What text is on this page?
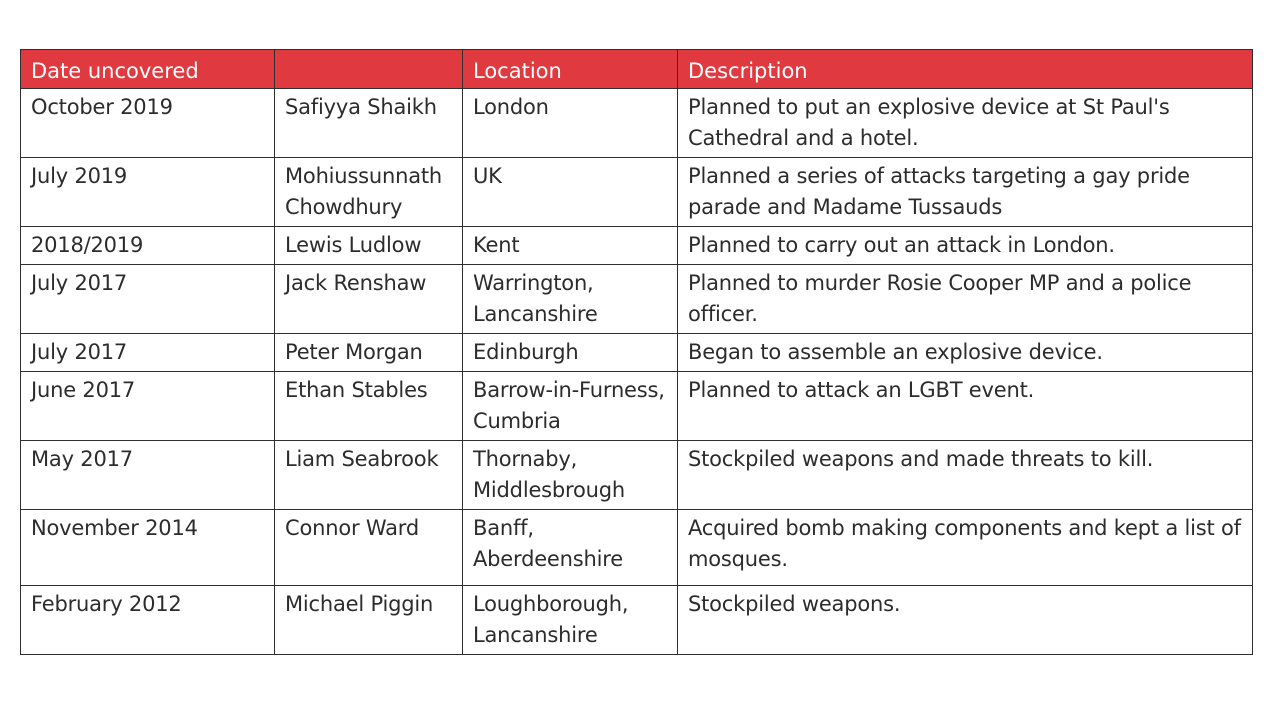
Date uncovered		Location	Description
October 2019	Safiyya Shaikh	London	Planned to put an explosive device at St Paul's Cathedral and a hotel.
July 2019	Mohiussunnath Chowdhury	UK	Planned a series of attacks targeting a gay pride parade and Madame Tussauds
2018/2019	Lewis Ludlow	Kent	Planned to carry out an attack in London.
July 2017	Jack Renshaw	Warrington, Lancanshire	Planned to murder Rosie Cooper MP and a police officer.
July 2017	Peter Morgan	Edinburgh	Began to assemble an explosive device.
June 2017	Ethan Stables	Barrow-in-Furness, Cumbria	Planned to attack an LGBT event.
May 2017	Liam Seabrook	Thornaby, Middlesbrough	Stockpiled weapons and made threats to kill.
November 2014	Connor Ward	Banff, Aberdeenshire	Acquired bomb making components and kept a list of mosques.
February 2012	Michael Piggin	Loughborough, Lancanshire	Stockpiled weapons.
